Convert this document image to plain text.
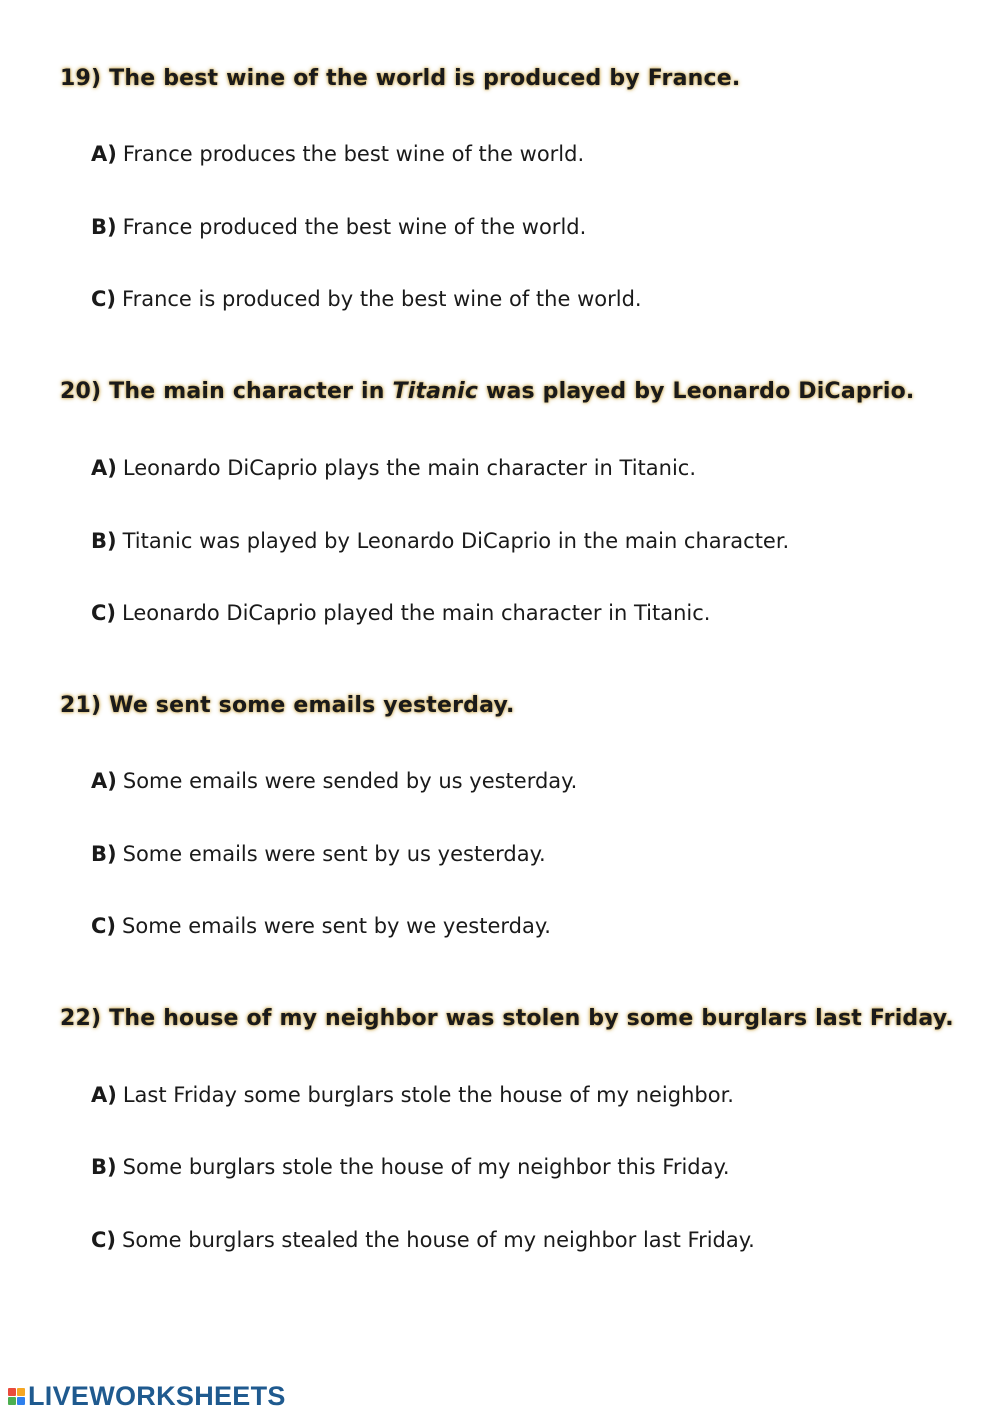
19) The best wine of the world is produced by France.
A) France produces the best wine of the world.
B) France produced the best wine of the world.
C) France is produced by the best wine of the world.
20) The main character in Titanic was played by Leonardo DiCaprio.
A) Leonardo DiCaprio plays the main character in Titanic.
B) Titanic was played by Leonardo DiCaprio in the main character.
C) Leonardo DiCaprio played the main character in Titanic.
21) We sent some emails yesterday.
A) Some emails were sended by us yesterday.
B) Some emails were sent by us yesterday.
C) Some emails were sent by we yesterday.
22) The house of my neighbor was stolen by some burglars last Friday.
A) Last Friday some burglars stole the house of my neighbor.
B) Some burglars stole the house of my neighbor this Friday.
C) Some burglars stealed the house of my neighbor last Friday.
LIVEWORKSHEETS
